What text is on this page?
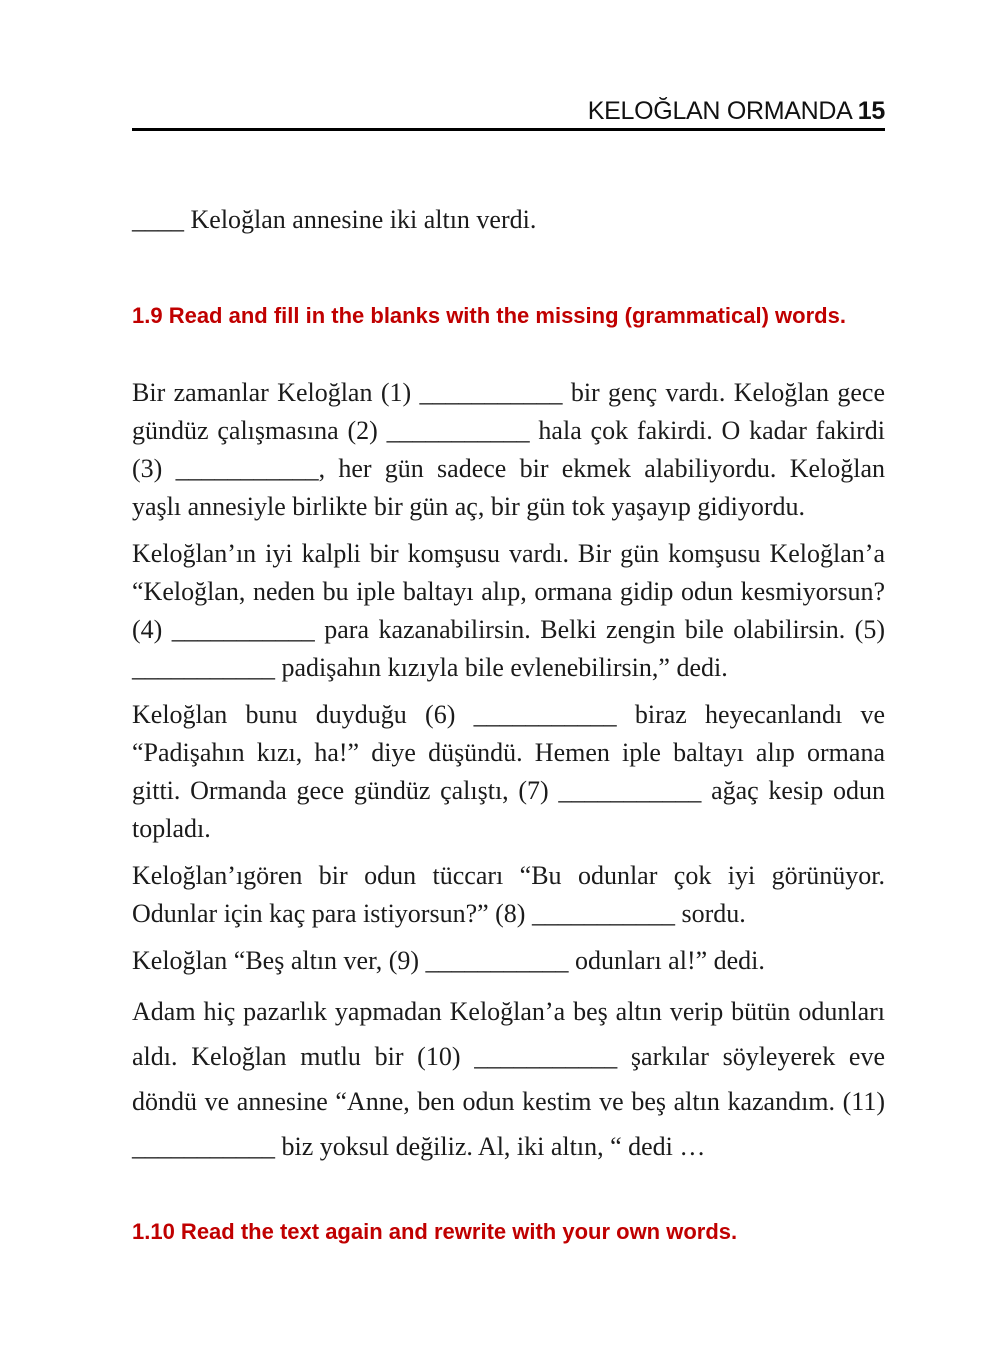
KELOĞLAN ORMANDA 15

____ Keloğlan annesine iki altın verdi.

1.9 Read and fill in the blanks with the missing (grammatical) words.

Bir zamanlar Keloğlan (1) ___________ bir genç vardı. Keloğlan gece gündüz çalışmasına (2) ___________ hala çok fakirdi. O kadar fakirdi (3) ___________, her gün sadece bir ekmek alabiliyordu. Keloğlan yaşlı annesiyle birlikte bir gün aç, bir gün tok yaşayıp gidiyordu.

Keloğlan’ın iyi kalpli bir komşusu vardı. Bir gün komşusu Keloğlan’a “Keloğlan, neden bu iple baltayı alıp, ormana gidip odun kesmiyorsun? (4) ___________ para kazanabilirsin. Belki zengin bile olabilirsin. (5) ___________ padişahın kızıyla bile evlenebilirsin,” dedi.

Keloğlan bunu duyduğu (6) ___________ biraz heyecanlandı ve “Padişahın kızı, ha!” diye düşündü. Hemen iple baltayı alıp ormana gitti. Ormanda gece gündüz çalıştı, (7) ___________ ağaç kesip odun topladı.

Keloğlan’ıgören bir odun tüccarı “Bu odunlar çok iyi görünüyor. Odunlar için kaç para istiyorsun?” (8) ___________ sordu.

Keloğlan “Beş altın ver, (9) ___________ odunları al!” dedi.

Adam hiç pazarlık yapmadan Keloğlan’a beş altın verip bütün odunları aldı. Keloğlan mutlu bir (10) ___________ şarkılar söyleyerek eve döndü ve annesine “Anne, ben odun kestim ve beş altın kazandım. (11) ___________ biz yoksul değiliz. Al, iki altın, “ dedi …

1.10 Read the text again and rewrite with your own words.
